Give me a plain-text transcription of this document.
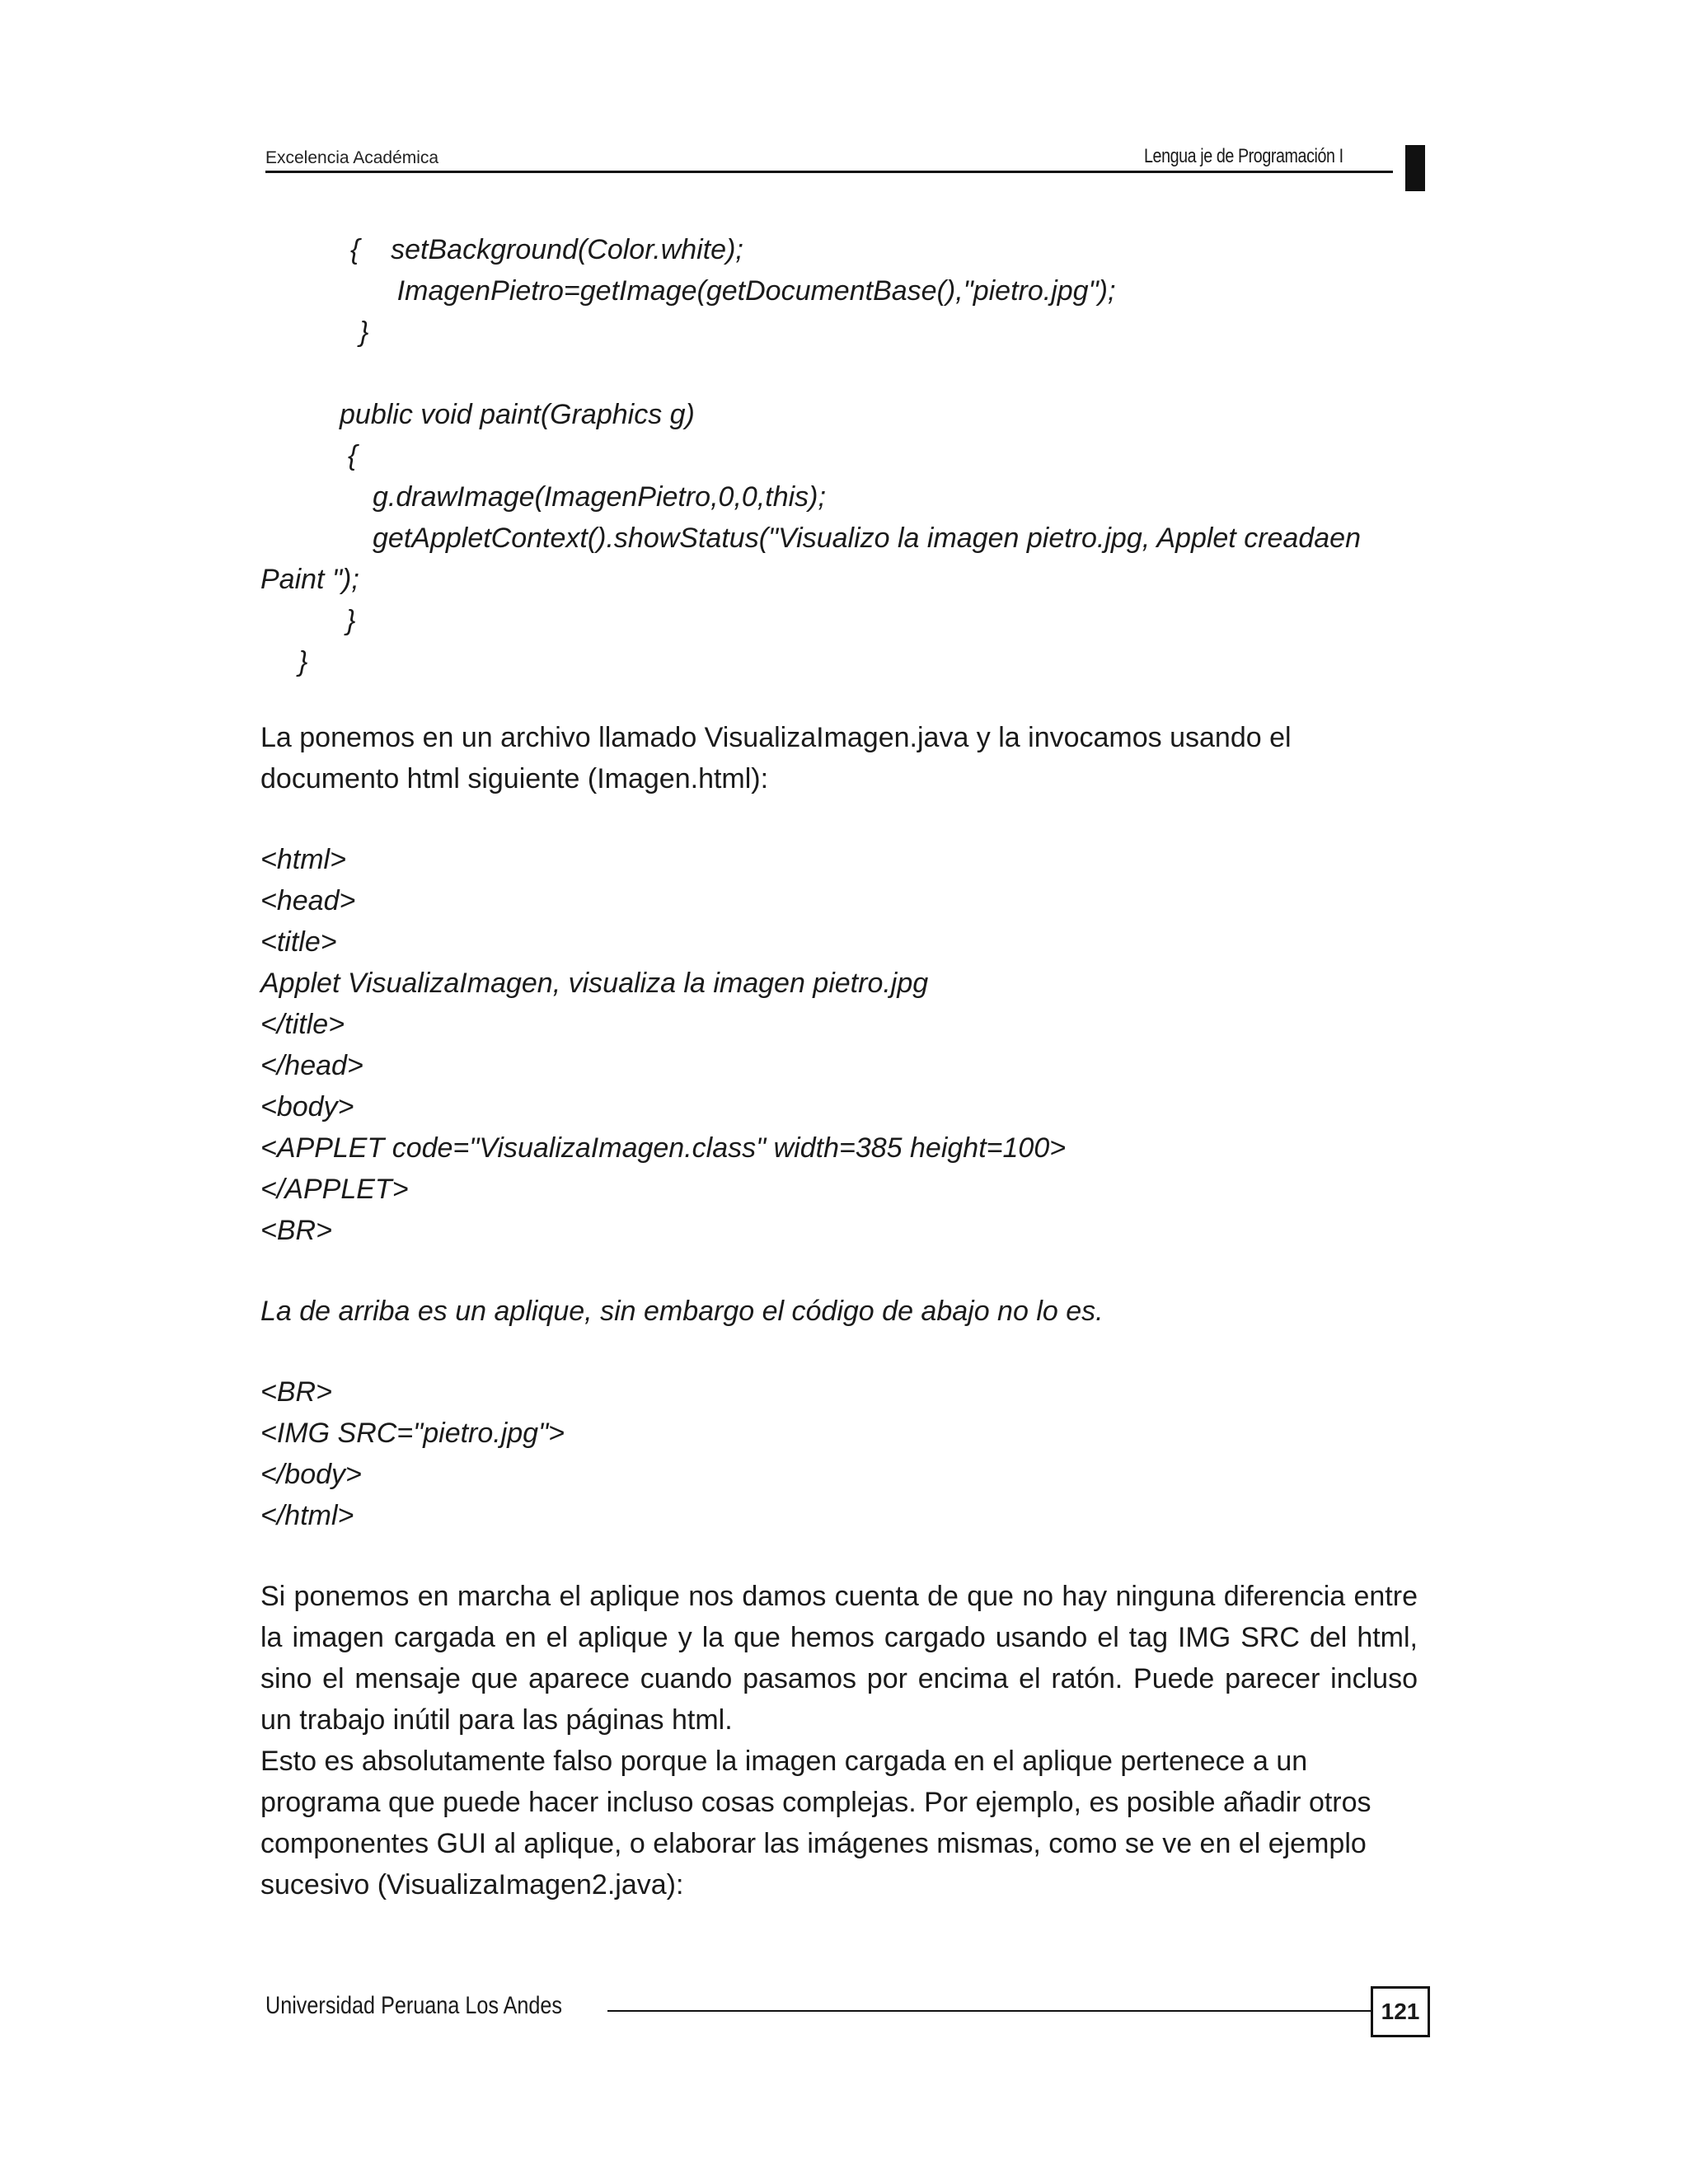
Excelencia Académica	Lengua je de Programación I
{    setBackground(Color.white);
ImagenPietro=getImage(getDocumentBase(),"pietro.jpg");
}
public void paint(Graphics g)
{
g.drawImage(ImagenPietro,0,0,this);
getAppletContext().showStatus("Visualizo la imagen pietro.jpg, Applet creadaen
Paint ");
}
}
La ponemos en un archivo llamado VisualizaImagen.java y la invocamos usando el
documento html siguiente (Imagen.html):
<html>
<head>
<title>
Applet VisualizaImagen, visualiza la imagen pietro.jpg
</title>
</head>
<body>
<APPLET code="VisualizaImagen.class" width=385 height=100>
</APPLET>
<BR>
La de arriba es un aplique, sin embargo el código de abajo no lo es.
<BR>
<IMG SRC="pietro.jpg">
</body>
</html>

Si ponemos en marcha el aplique nos damos cuenta de que no hay ninguna diferencia entre la imagen cargada en el aplique y la que hemos cargado usando el tag IMG SRC del html, sino el mensaje que aparece cuando pasamos por encima el ratón. Puede parecer incluso un trabajo inútil para las páginas html.

Esto es absolutamente falso porque la imagen cargada en el aplique pertenece a un
programa que puede hacer incluso cosas complejas. Por ejemplo, es posible añadir otros
componentes GUI al aplique, o elaborar las imágenes mismas, como se ve en el ejemplo
sucesivo (VisualizaImagen2.java):
Universidad Peruana Los Andes	121
